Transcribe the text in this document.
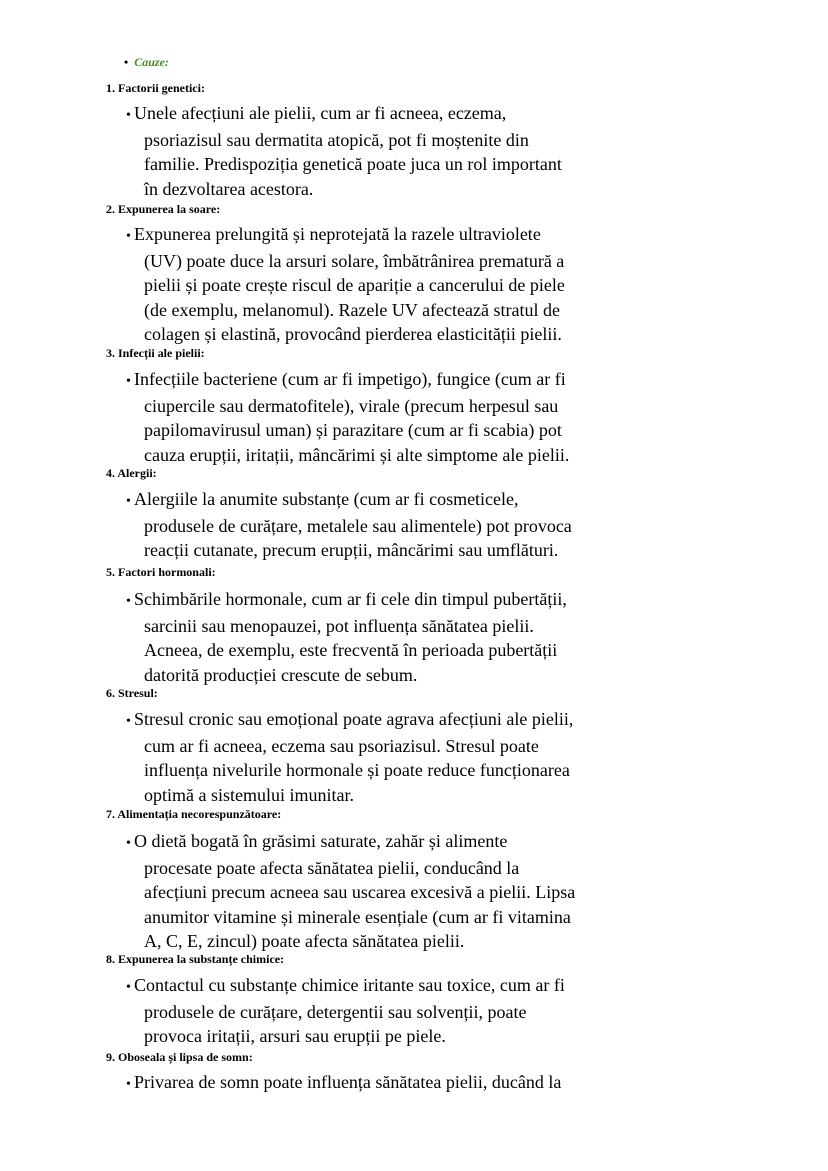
• Cauze:
1. Factorii genetici:
• Unele afecțiuni ale pielii, cum ar fi acneea, eczema,
psoriazisul sau dermatita atopică, pot fi moștenite din
familie. Predispoziția genetică poate juca un rol important
în dezvoltarea acestora.
2. Expunerea la soare:
• Expunerea prelungită și neprotejată la razele ultraviolete
(UV) poate duce la arsuri solare, îmbătrânirea prematură a
pielii și poate crește riscul de apariție a cancerului de piele
(de exemplu, melanomul). Razele UV afectează stratul de
colagen și elastină, provocând pierderea elasticității pielii.
3. Infecții ale pielii:
• Infecțiile bacteriene (cum ar fi impetigo), fungice (cum ar fi
ciupercile sau dermatofitele), virale (precum herpesul sau
papilomavirusul uman) și parazitare (cum ar fi scabia) pot
cauza erupții, iritații, mâncărimi și alte simptome ale pielii.
4. Alergii:
• Alergiile la anumite substanțe (cum ar fi cosmeticele,
produsele de curățare, metalele sau alimentele) pot provoca
reacții cutanate, precum erupții, mâncărimi sau umflături.
5. Factori hormonali:
• Schimbările hormonale, cum ar fi cele din timpul pubertății,
sarcinii sau menopauzei, pot influența sănătatea pielii.
Acneea, de exemplu, este frecventă în perioada pubertății
datorită producției crescute de sebum.
6. Stresul:
• Stresul cronic sau emoțional poate agrava afecțiuni ale pielii,
cum ar fi acneea, eczema sau psoriazisul. Stresul poate
influența nivelurile hormonale și poate reduce funcționarea
optimă a sistemului imunitar.
7. Alimentația necorespunzătoare:
• O dietă bogată în grăsimi saturate, zahăr și alimente
procesate poate afecta sănătatea pielii, conducând la
afecțiuni precum acneea sau uscarea excesivă a pielii. Lipsa
anumitor vitamine și minerale esențiale (cum ar fi vitamina
A, C, E, zincul) poate afecta sănătatea pielii.
8. Expunerea la substanțe chimice:
• Contactul cu substanțe chimice iritante sau toxice, cum ar fi
produsele de curățare, detergentii sau solvenții, poate
provoca iritații, arsuri sau erupții pe piele.
9. Oboseala și lipsa de somn:
• Privarea de somn poate influența sănătatea pielii, ducând la
